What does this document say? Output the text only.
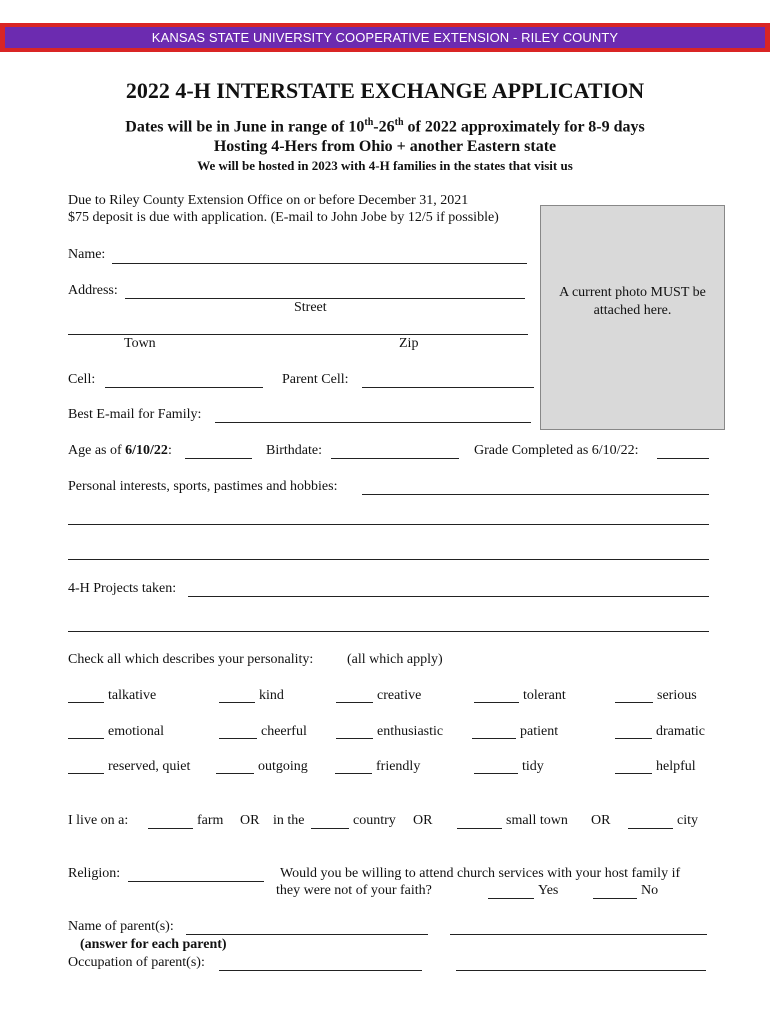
KANSAS STATE UNIVERSITY COOPERATIVE EXTENSION - RILEY COUNTY
2022 4-H INTERSTATE EXCHANGE APPLICATION
Dates will be in June in range of 10th-26th of 2022 approximately for 8-9 days
Hosting 4-Hers from Ohio + another Eastern state
We will be hosted in 2023 with 4-H families in the states that visit us
Due to Riley County Extension Office on or before December 31, 2021
$75 deposit is due with application. (E-mail to John Jobe by 12/5 if possible)
A current photo MUST be attached here.
Name:
Address:
Street
Town	Zip
Cell:	Parent Cell:
Best E-mail for Family:
Age as of 6/10/22:	Birthdate:	Grade Completed as 6/10/22:
Personal interests, sports, pastimes and hobbies:
4-H Projects taken:
Check all which describes your personality: (all which apply)
talkative	kind	creative	tolerant	serious
emotional	cheerful	enthusiastic	patient	dramatic
reserved, quiet	outgoing	friendly	tidy	helpful
I live on a:	farm OR in the	country OR	small town OR	city
Religion:	Would you be willing to attend church services with your host family if
they were not of your faith?	Yes	No
Name of parent(s):
(answer for each parent)
Occupation of parent(s):
